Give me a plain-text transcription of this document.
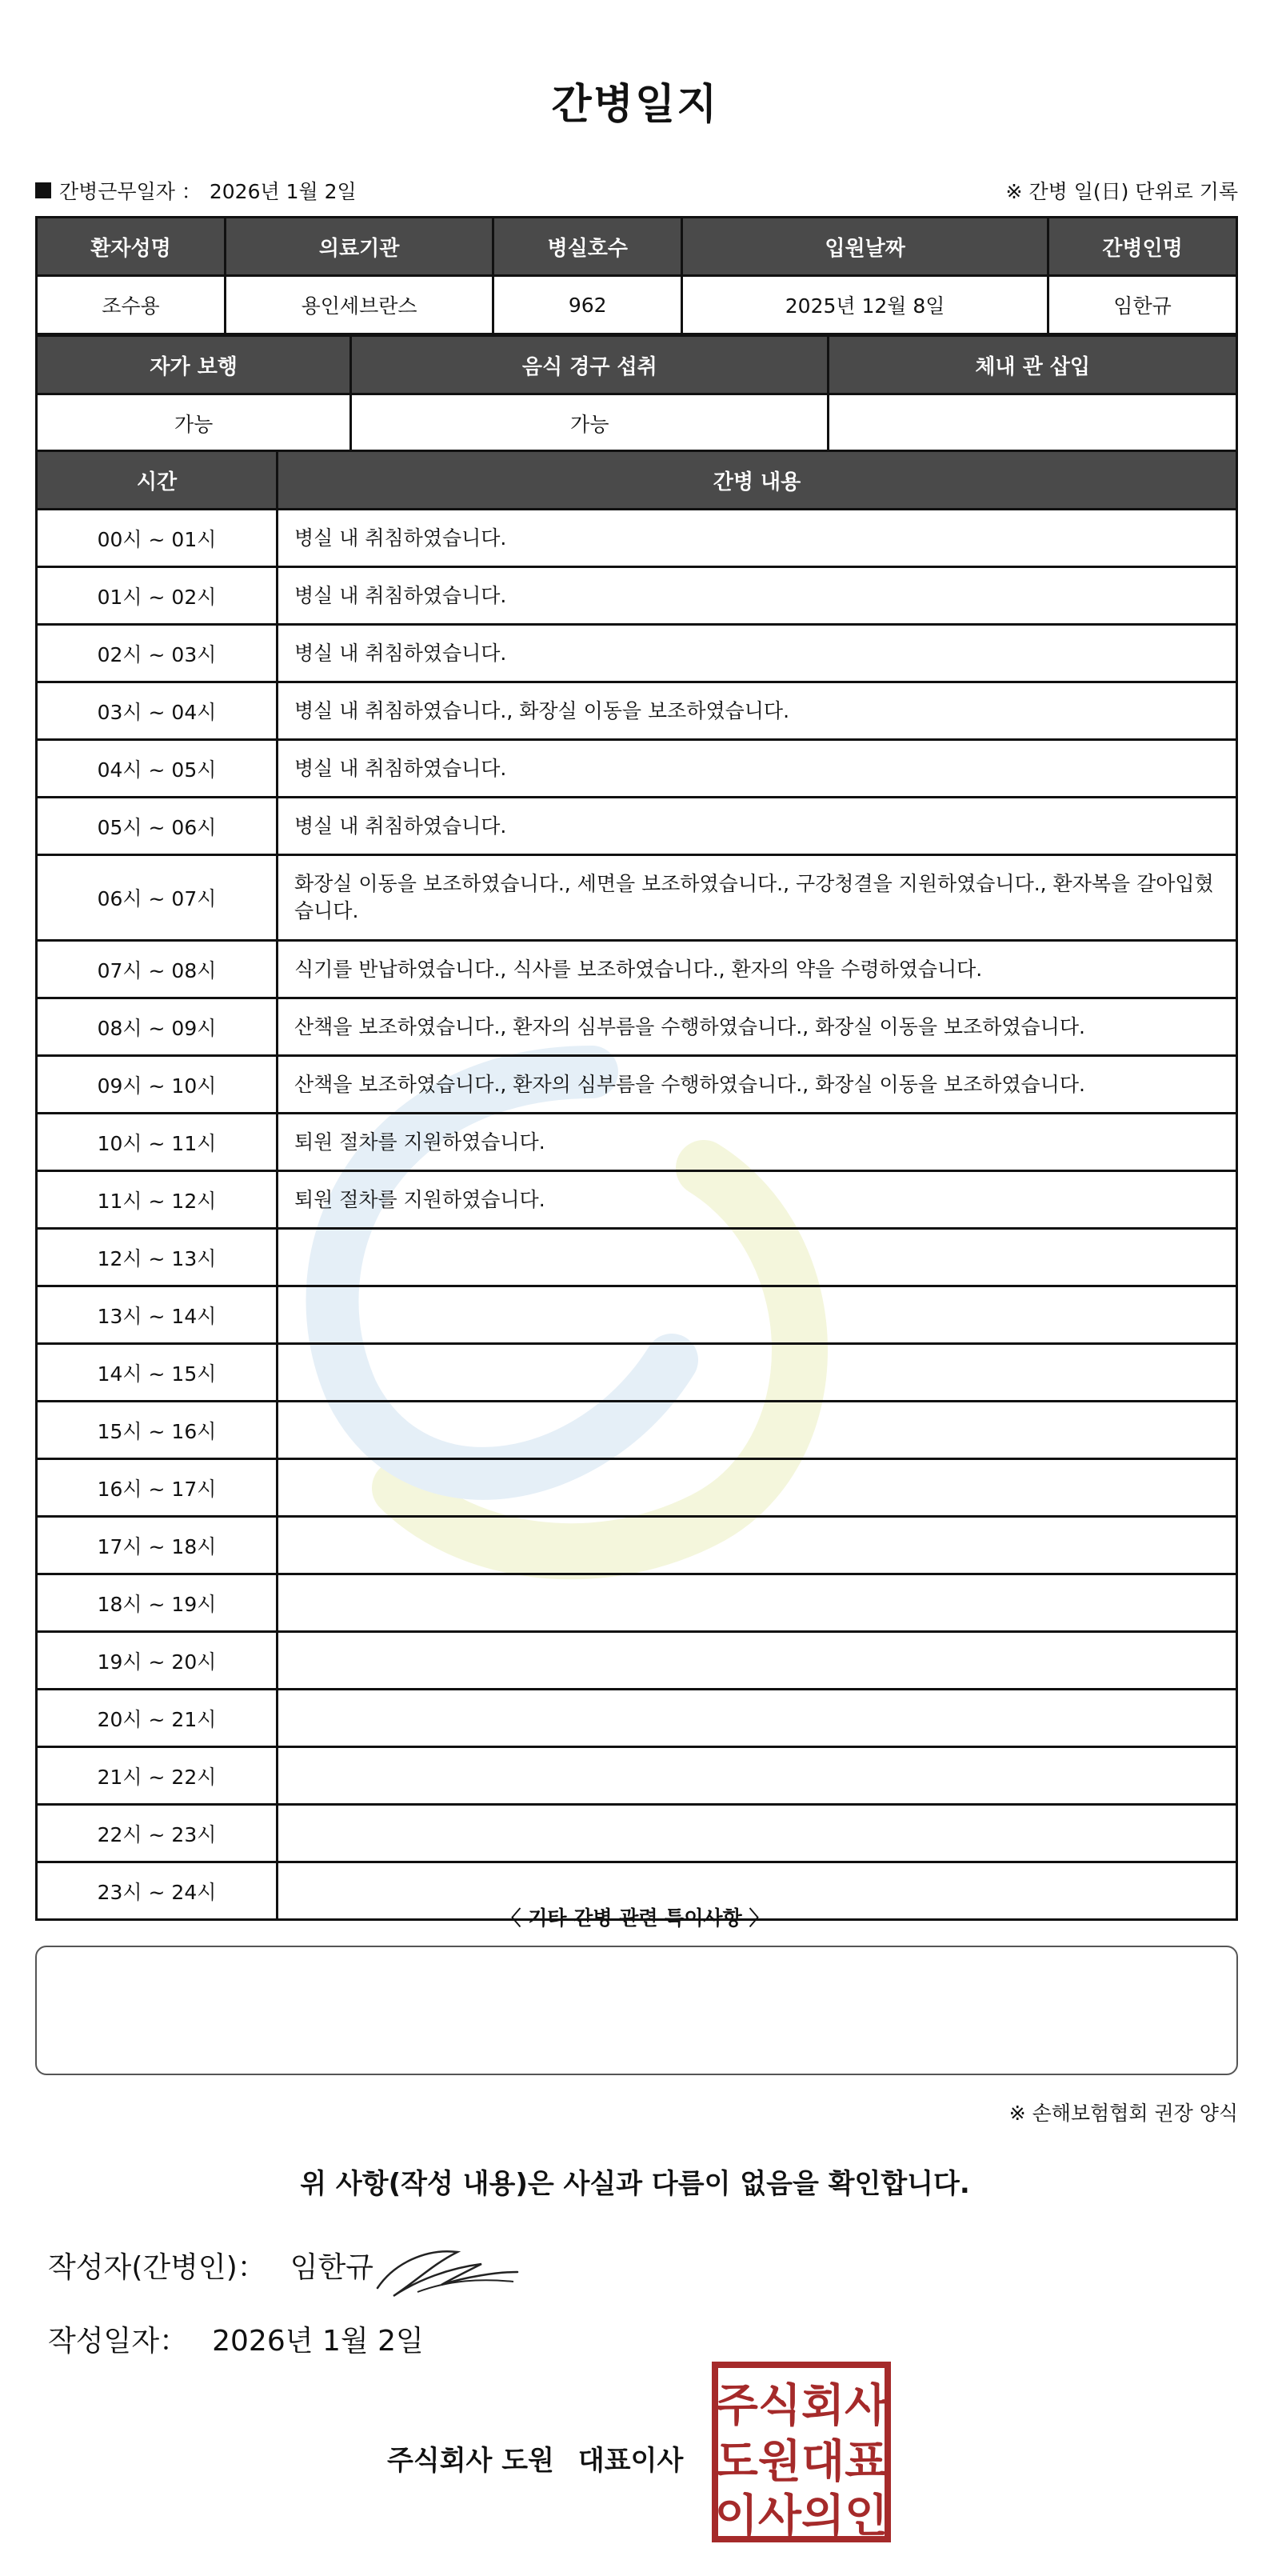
간병일지
간병근무일자 ： 2026년 1월 2일	※ 간병 일(日) 단위로 기록
환자성명	의료기관	병실호수	입원날짜	간병인명
조수용	용인세브란스	962	2025년 12월 8일	임한규
자가 보행	음식 경구 섭취	체내 관 삽입
가능	가능	
시간	간병 내용
00시 ~ 01시	병실 내 취침하였습니다.
01시 ~ 02시	병실 내 취침하였습니다.
02시 ~ 03시	병실 내 취침하였습니다.
03시 ~ 04시	병실 내 취침하였습니다., 화장실 이동을 보조하였습니다.
04시 ~ 05시	병실 내 취침하였습니다.
05시 ~ 06시	병실 내 취침하였습니다.
06시 ~ 07시	화장실 이동을 보조하였습니다., 세면을 보조하였습니다., 구강청결을 지원하였습니다., 환자복을 갈아입혔습니다.
07시 ~ 08시	식기를 반납하였습니다., 식사를 보조하였습니다., 환자의 약을 수령하였습니다.
08시 ~ 09시	산책을 보조하였습니다., 환자의 심부름을 수행하였습니다., 화장실 이동을 보조하였습니다.
09시 ~ 10시	산책을 보조하였습니다., 환자의 심부름을 수행하였습니다., 화장실 이동을 보조하였습니다.
10시 ~ 11시	퇴원 절차를 지원하였습니다.
11시 ~ 12시	퇴원 절차를 지원하였습니다.
12시 ~ 13시	
13시 ~ 14시	
14시 ~ 15시	
15시 ~ 16시	
16시 ~ 17시	
17시 ~ 18시	
18시 ~ 19시	
19시 ~ 20시	
20시 ~ 21시	
21시 ~ 22시	
22시 ~ 23시	
23시 ~ 24시	
〈 기타 간병 관련 특이사항 〉
※ 손해보험협회 권장 양식
위 사항(작성 내용)은 사실과 다름이 없음을 확인합니다.
작성자(간병인)： 임한규
작성일자： 2026년 1월 2일
주식회사 도원 대표이사
주식회사
도원대표
이사의인
